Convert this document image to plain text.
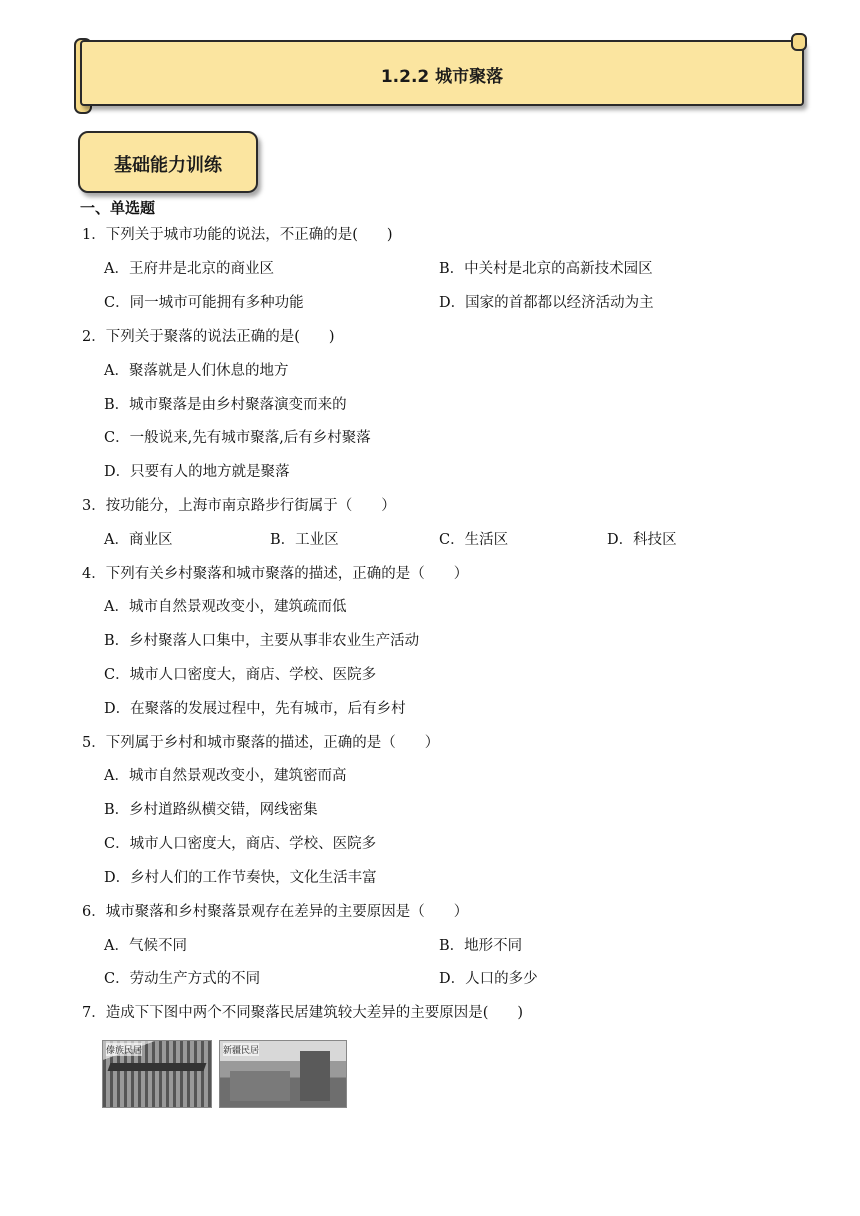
1.2.2 城市聚落
基础能力训练
一、单选题
1．下列关于城市功能的说法，不正确的是(　　)
A．王府井是北京的商业区	B．中关村是北京的高新技术园区
C．同一城市可能拥有多种功能	D．国家的首都都以经济活动为主
2．下列关于聚落的说法正确的是(　　)
A．聚落就是人们休息的地方
B．城市聚落是由乡村聚落演变而来的
C．一般说来,先有城市聚落,后有乡村聚落
D．只要有人的地方就是聚落
3．按功能分，上海市南京路步行街属于（　　）
A．商业区	B．工业区	C．生活区	D．科技区
4．下列有关乡村聚落和城市聚落的描述，正确的是（　　）
A．城市自然景观改变小，建筑疏而低
B．乡村聚落人口集中，主要从事非农业生产活动
C．城市人口密度大，商店、学校、医院多
D．在聚落的发展过程中，先有城市，后有乡村
5．下列属于乡村和城市聚落的描述，正确的是（　　）
A．城市自然景观改变小，建筑密而高
B．乡村道路纵横交错，网线密集
C．城市人口密度大，商店、学校、医院多
D．乡村人们的工作节奏快，文化生活丰富
6．城市聚落和乡村聚落景观存在差异的主要原因是（　　）
A．气候不同	B．地形不同
C．劳动生产方式的不同	D．人口的多少
7．造成下下图中两个不同聚落民居建筑较大差异的主要原因是(　　)
傣族民居	新疆民居
